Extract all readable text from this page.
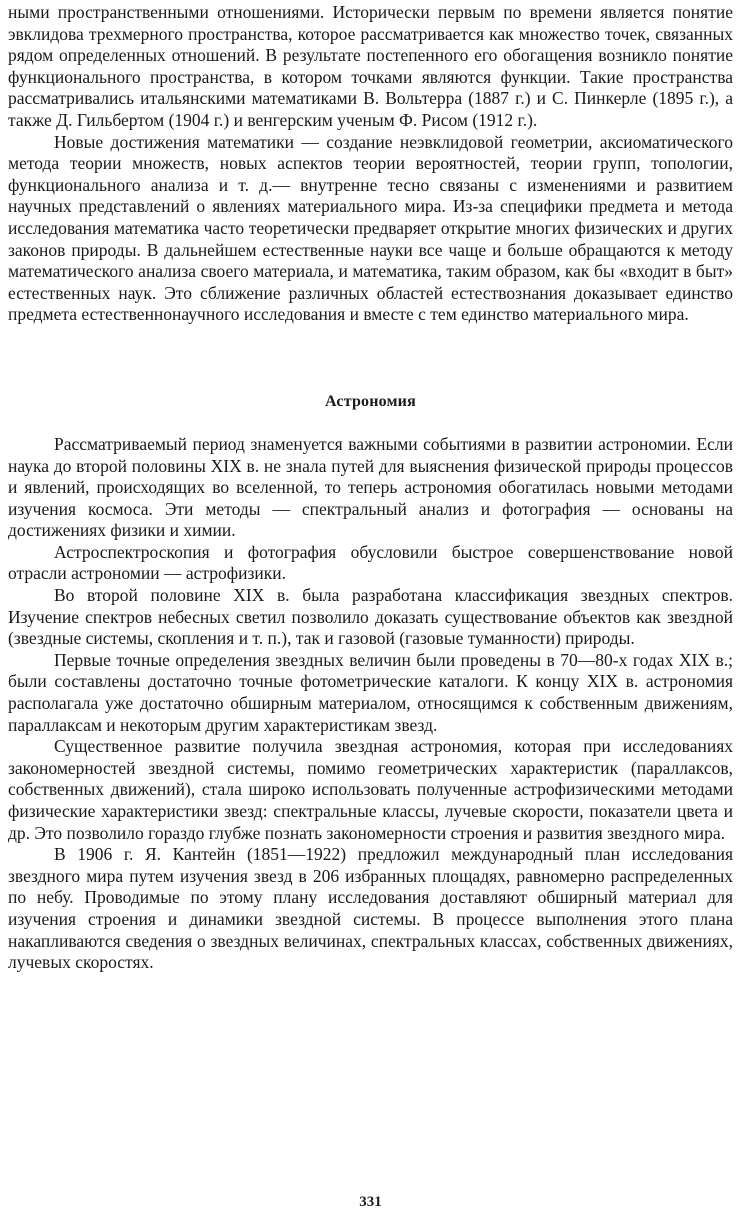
ными пространственными отношениями. Исторически первым по времени является понятие эвклидова трехмерного пространства, которое рассматривается как множество точек, связанных рядом определенных отношений. В результате постепенного его обогащения возникло понятие функционального пространства, в котором точками являются функции. Такие пространства рассматривались итальянскими математиками В. Вольтерра (1887 г.) и С. Пинкерле (1895 г.), а также Д. Гильбертом (1904 г.) и венгерским ученым Ф. Рисом (1912 г.).

Новые достижения математики — создание неэвклидовой геометрии, аксиоматического метода теории множеств, новых аспектов теории вероятностей, теории групп, топологии, функционального анализа и т. д.— внутренне тесно связаны с изменениями и развитием научных представлений о явлениях материального мира. Из-за специфики предмета и метода исследования математика часто теоретически предваряет открытие многих физических и других законов природы. В дальнейшем естественные науки все чаще и больше обращаются к методу математического анализа своего материала, и математика, таким образом, как бы «входит в быт» естественных наук. Это сближение различных областей естествознания доказывает единство предмета естественнонаучного исследования и вместе с тем единство материального мира.

Астрономия

Рассматриваемый период знаменуется важными событиями в развитии астрономии. Если наука до второй половины XIX в. не знала путей для выяснения физической природы процессов и явлений, происходящих во вселенной, то теперь астрономия обогатилась новыми методами изучения космоса. Эти методы — спектральный анализ и фотография — основаны на достижениях физики и химии.

Астроспектроскопия и фотография обусловили быстрое совершенствование новой отрасли астрономии — астрофизики.

Во второй половине XIX в. была разработана классификация звездных спектров. Изучение спектров небесных светил позволило доказать существование объектов как звездной (звездные системы, скопления и т. п.), так и газовой (газовые туманности) природы.

Первые точные определения звездных величин были проведены в 70—80-х годах XIX в.; были составлены достаточно точные фотометрические каталоги. К концу XIX в. астрономия располагала уже достаточно обширным материалом, относящимся к собственным движениям, параллаксам и некоторым другим характеристикам звезд.

Существенное развитие получила звездная астрономия, которая при исследованиях закономерностей звездной системы, помимо геометрических характеристик (параллаксов, собственных движений), стала широко использовать полученные астрофизическими методами физические характеристики звезд: спектральные классы, лучевые скорости, показатели цвета и др. Это позволило гораздо глубже познать закономерности строения и развития звездного мира.

В 1906 г. Я. Кантейн (1851—1922) предложил международный план исследования звездного мира путем изучения звезд в 206 избранных площадях, равномерно распределенных по небу. Проводимые по этому плану исследования доставляют обширный материал для изучения строения и динамики звездной системы. В процессе выполнения этого плана накапливаются сведения о звездных величинах, спектральных классах, собственных движениях, лучевых скоростях.

331
